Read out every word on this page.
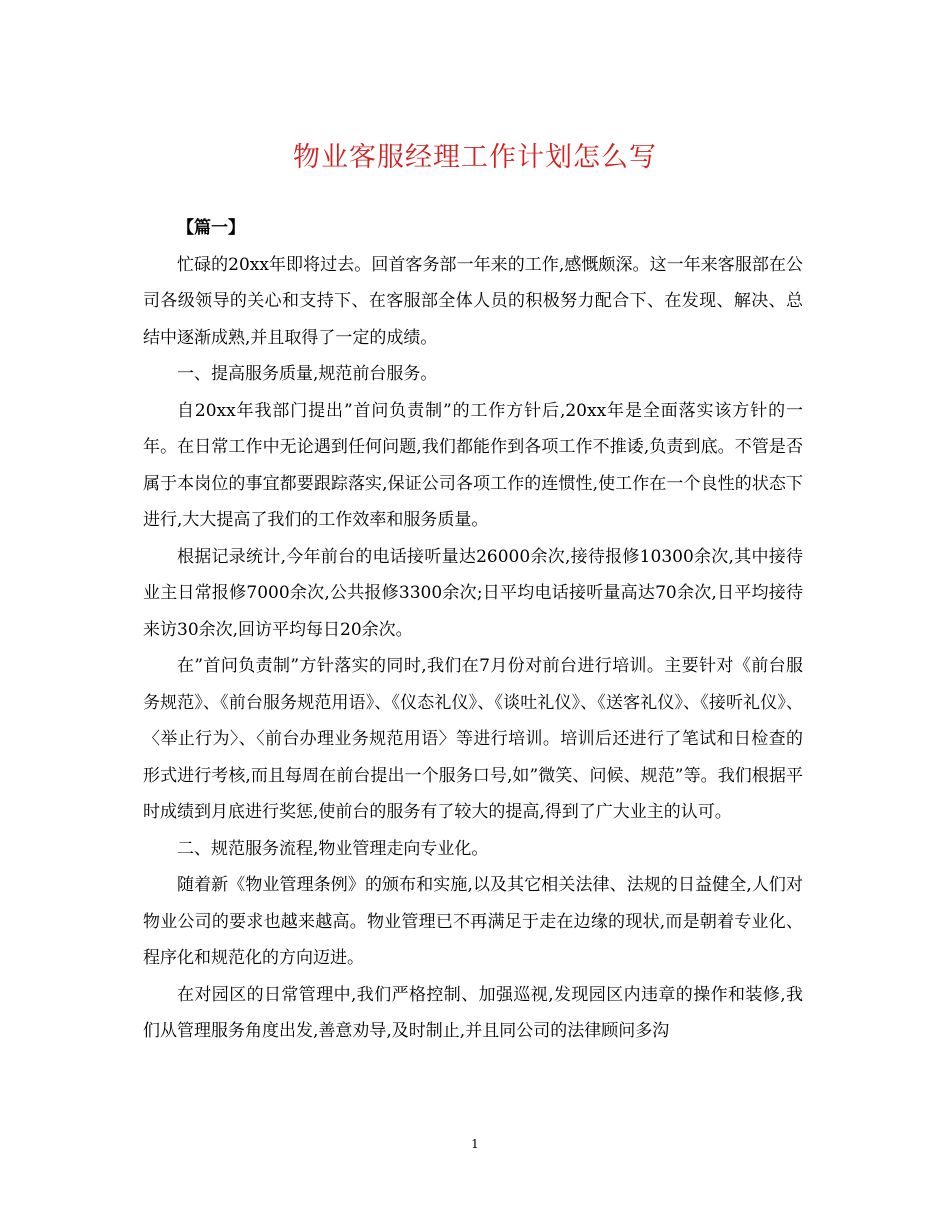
物业客服经理工作计划怎么写

【篇一】

忙碌的20xx年即将过去。回首客务部一年来的工作,感慨颇深。这一年来客服部在公司各级领导的关心和支持下、在客服部全体人员的积极努力配合下、在发现、解决、总结中逐渐成熟,并且取得了一定的成绩。

一、提高服务质量,规范前台服务。

自20xx年我部门提出”首问负责制”的工作方针后,20xx年是全面落实该方针的一年。在日常工作中无论遇到任何问题,我们都能作到各项工作不推诿,负责到底。不管是否属于本岗位的事宜都要跟踪落实,保证公司各项工作的连惯性,使工作在一个良性的状态下进行,大大提高了我们的工作效率和服务质量。

根据记录统计,今年前台的电话接听量达26000余次,接待报修10300余次,其中接待业主日常报修7000余次,公共报修3300余次;日平均电话接听量高达70余次,日平均接待来访30余次,回访平均每日20余次。

在”首问负责制”方针落实的同时,我们在7月份对前台进行培训。主要针对《前台服务规范》、《前台服务规范用语》、《仪态礼仪》、《谈吐礼仪》、《送客礼仪》、《接听礼仪》、〈举止行为〉、〈前台办理业务规范用语〉等进行培训。培训后还进行了笔试和日检查的形式进行考核,而且每周在前台提出一个服务口号,如”微笑、问候、规范”等。我们根据平时成绩到月底进行奖惩,使前台的服务有了较大的提高,得到了广大业主的认可。

二、规范服务流程,物业管理走向专业化。

随着新《物业管理条例》的颁布和实施,以及其它相关法律、法规的日益健全,人们对物业公司的要求也越来越高。物业管理已不再满足于走在边缘的现状,而是朝着专业化、程序化和规范化的方向迈进。

在对园区的日常管理中,我们严格控制、加强巡视,发现园区内违章的操作和装修,我们从管理服务角度出发,善意劝导,及时制止,并且同公司的法律顾问多沟

1
